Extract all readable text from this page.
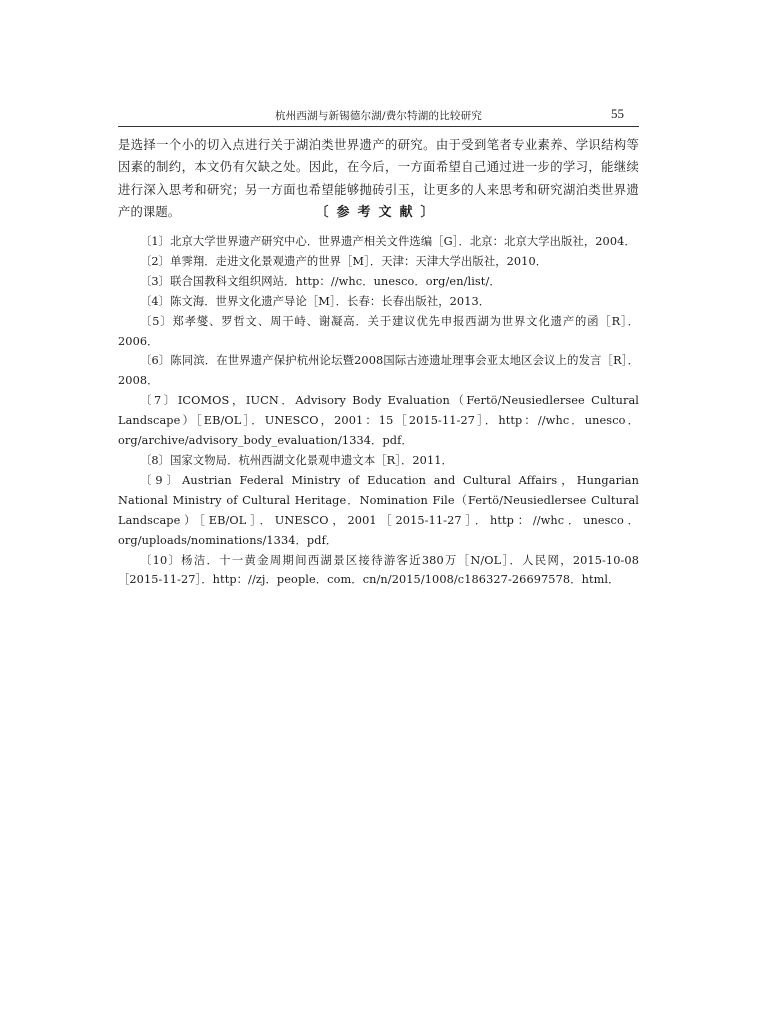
杭州西湖与新锡德尔湖/费尔特湖的比较研究	55
是选择一个小的切入点进行关于湖泊类世界遗产的研究。由于受到笔者专业素养、学识结构等因素的制约，本文仍有欠缺之处。因此，在今后，一方面希望自己通过进一步的学习，能继续进行深入思考和研究；另一方面也希望能够抛砖引玉，让更多的人来思考和研究湖泊类世界遗产的课题。	〔参考文献〕
〔1〕北京大学世界遗产研究中心．世界遗产相关文件选编［G］．北京：北京大学出版社，2004．
〔2〕单霁翔．走进文化景观遗产的世界［M］．天津：天津大学出版社，2010．
〔3〕联合国教科文组织网站．http：//whc．unesco．org/en/list/．
〔4〕陈文海．世界文化遗产导论［M］．长春：长春出版社，2013．
〔5〕郑孝燮、罗哲文、周干峙、谢凝高．关于建议优先申报西湖为世界文化遗产的函［R］．2006．
〔6〕陈同滨．在世界遗产保护杭州论坛暨2008国际古迹遗址理事会亚太地区会议上的发言［R］．2008．
〔7〕ICOMOS，IUCN．Advisory Body Evaluation（Fertö/Neusiedlersee Cultural Landscape）［EB/OL］．UNESCO，2001：15［2015-11-27］．http：//whc．unesco．org/archive/advisory_body_evaluation/1334．pdf．
〔8〕国家文物局．杭州西湖文化景观申遗文本［R］．2011．
〔9〕Austrian Federal Ministry of Education and Cultural Affairs，Hungarian National Ministry of Cultural Heritage．Nomination File（Fertö/Neusiedlersee Cultural Landscape）［EB/OL］．UNESCO，2001［2015-11-27］．http：//whc．unesco．org/uploads/nominations/1334．pdf．
〔10〕杨洁．十一黄金周期间西湖景区接待游客近380万［N/OL］．人民网，2015-10-08［2015-11-27］．http：//zj．people．com．cn/n/2015/1008/c186327-26697578．html．
